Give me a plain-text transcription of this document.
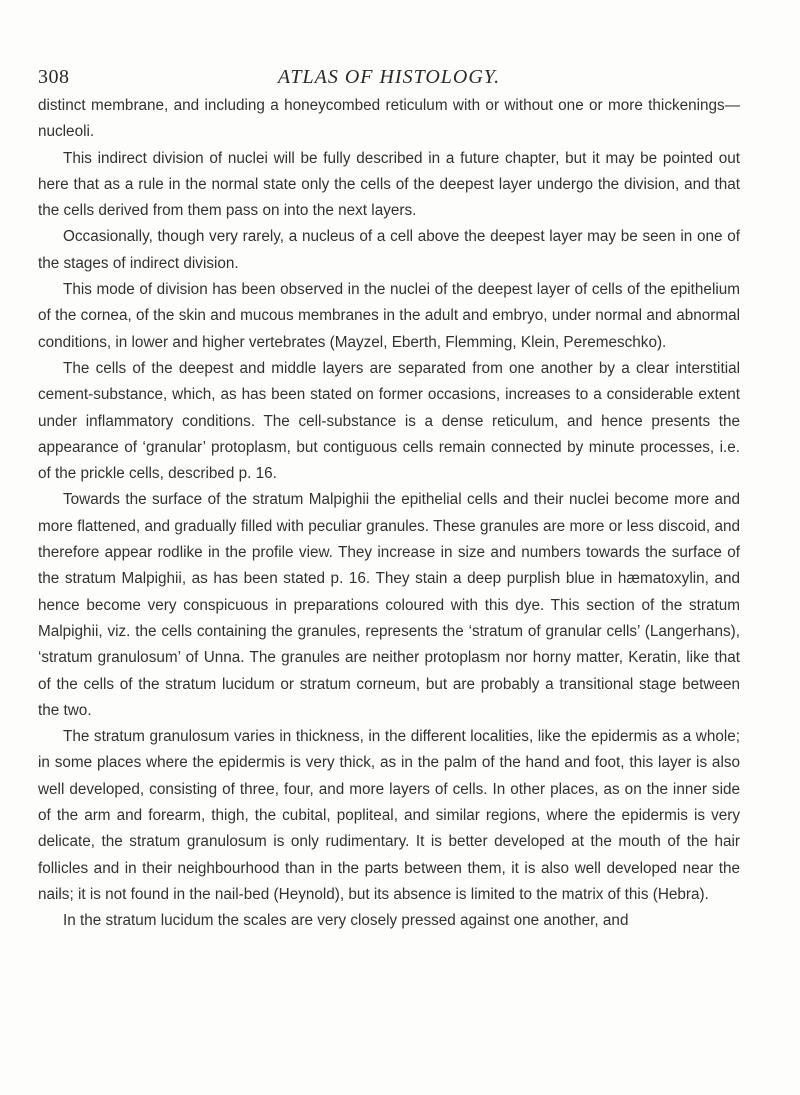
308	ATLAS OF HISTOLOGY.

distinct membrane, and including a honeycombed reticulum with or without one or more thickenings—nucleoli.

This indirect division of nuclei will be fully described in a future chapter, but it may be pointed out here that as a rule in the normal state only the cells of the deepest layer undergo the division, and that the cells derived from them pass on into the next layers.

Occasionally, though very rarely, a nucleus of a cell above the deepest layer may be seen in one of the stages of indirect division.

This mode of division has been observed in the nuclei of the deepest layer of cells of the epithelium of the cornea, of the skin and mucous membranes in the adult and embryo, under normal and abnormal conditions, in lower and higher vertebrates (Mayzel, Eberth, Flemming, Klein, Peremeschko).

The cells of the deepest and middle layers are separated from one another by a clear interstitial cement-substance, which, as has been stated on former occasions, increases to a considerable extent under inflammatory conditions. The cell-substance is a dense reticulum, and hence presents the appearance of ‘granular’ protoplasm, but contiguous cells remain connected by minute processes, i.e. of the prickle cells, described p. 16.

Towards the surface of the stratum Malpighii the epithelial cells and their nuclei become more and more flattened, and gradually filled with peculiar granules. These granules are more or less discoid, and therefore appear rodlike in the profile view. They increase in size and numbers towards the surface of the stratum Malpighii, as has been stated p. 16. They stain a deep purplish blue in hæmatoxylin, and hence become very conspicuous in preparations coloured with this dye. This section of the stratum Malpighii, viz. the cells containing the granules, represents the ‘stratum of granular cells’ (Langerhans), ‘stratum granulosum’ of Unna. The granules are neither protoplasm nor horny matter, Keratin, like that of the cells of the stratum lucidum or stratum corneum, but are probably a transitional stage between the two.

The stratum granulosum varies in thickness, in the different localities, like the epidermis as a whole; in some places where the epidermis is very thick, as in the palm of the hand and foot, this layer is also well developed, consisting of three, four, and more layers of cells. In other places, as on the inner side of the arm and forearm, thigh, the cubital, popliteal, and similar regions, where the epidermis is very delicate, the stratum granulosum is only rudimentary. It is better developed at the mouth of the hair follicles and in their neighbourhood than in the parts between them, it is also well developed near the nails; it is not found in the nail-bed (Heynold), but its absence is limited to the matrix of this (Hebra).

In the stratum lucidum the scales are very closely pressed against one another, and
